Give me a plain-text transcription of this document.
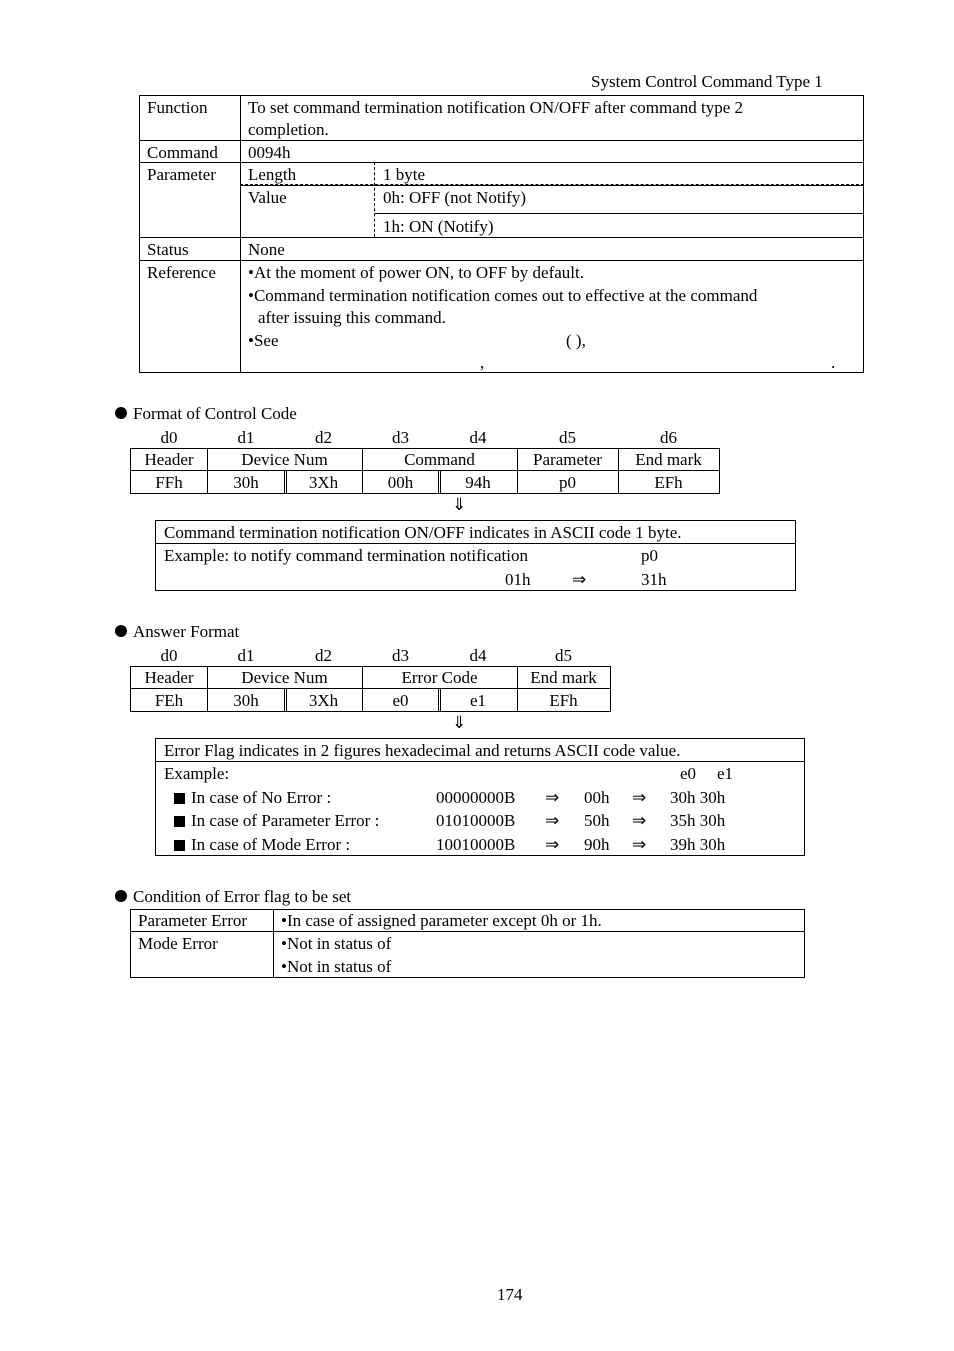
System Control Command Type 1
Function To set command termination notification ON/OFF after command type 2
completion.
Command 0094h
Parameter Length	1 byte
Value	0h: OFF (not Notify)
1h: ON (Notify)
Status	None
Reference •At the moment of power ON, to OFF by default.
•Command termination notification comes out to effective at the command
after issuing this command.
•See	( ),
,	.
Format of Control Code
d0	d1	d2	d3	d4	d5	d6
Header	Device Num	Command	Parameter	End mark
FFh	30h	3Xh	00h	94h	p0	EFh
⇓
Command termination notification ON/OFF indicates in ASCII code 1 byte.
Example: to notify command termination notification	p0
01h ⇒	31h
Answer Format
d0	d1	d2	d3	d4	d5
Header	Device Num	Error Code	End mark
FEh	30h	3Xh	e0	e1	EFh
⇓
Error Flag indicates in 2 figures hexadecimal and returns ASCII code value.
Example:	e0 e1
In case of No Error :	00000000B ⇒ 00h ⇒ 30h 30h
In case of Parameter Error :	01010000B ⇒ 50h ⇒ 35h 30h
In case of Mode Error :	10010000B ⇒ 90h ⇒ 39h 30h
Condition of Error flag to be set
Parameter Error •In case of assigned parameter except 0h or 1h.
Mode Error	•Not in status of
•Not in status of
174
